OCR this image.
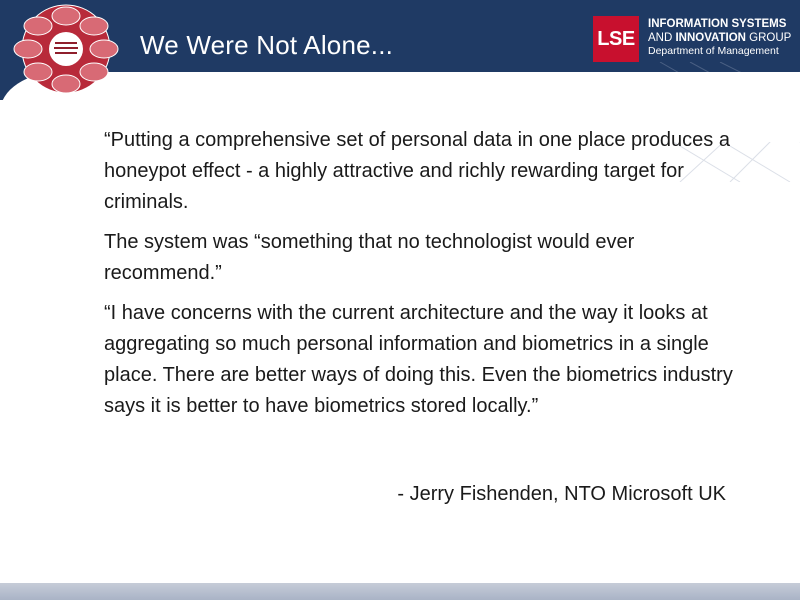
We Were Not Alone...	LSE
INFORMATION SYSTEMS
AND INNOVATION GROUP
Department of Management

“Putting a comprehensive set of personal data in one place produces a honeypot effect - a highly attractive and richly rewarding target for criminals.

The system was “something that no technologist would ever recommend.”

“I have concerns with the current architecture and the way it looks at aggregating so much personal information and biometrics in a single place. There are better ways of doing this. Even the biometrics industry says it is better to have biometrics stored locally.”

- Jerry Fishenden, NTO Microsoft UK
